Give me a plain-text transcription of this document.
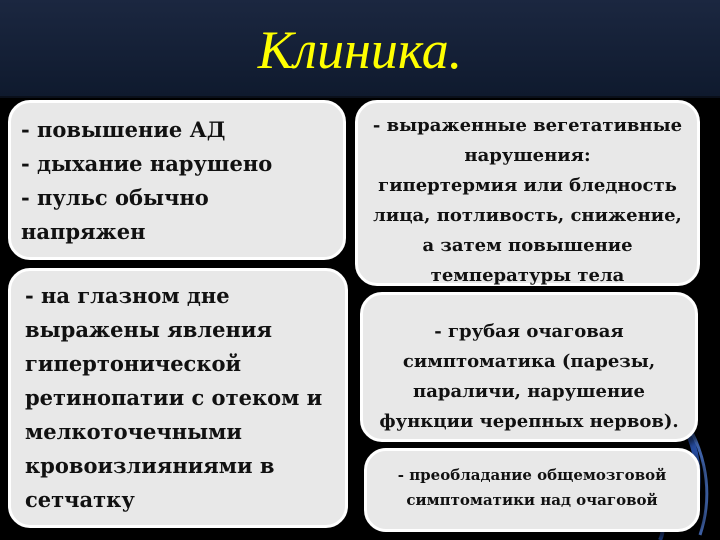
Клиника.
- повышение АД
- дыхание нарушено
- пульс обычно
напряжен
- на глазном дне
выражены явления
гипертонической
ретинопатии с отеком и
мелкоточечными
кровоизлияниями в
сетчатку
- выраженные вегетативные
нарушения:
гипертермия или бледность
лица, потливость, снижение,
а затем повышение
температуры тела
- грубая очаговая
симптоматика (парезы,
параличи, нарушение
функции черепных нервов).
- преобладание общемозговой
симптоматики над очаговой
